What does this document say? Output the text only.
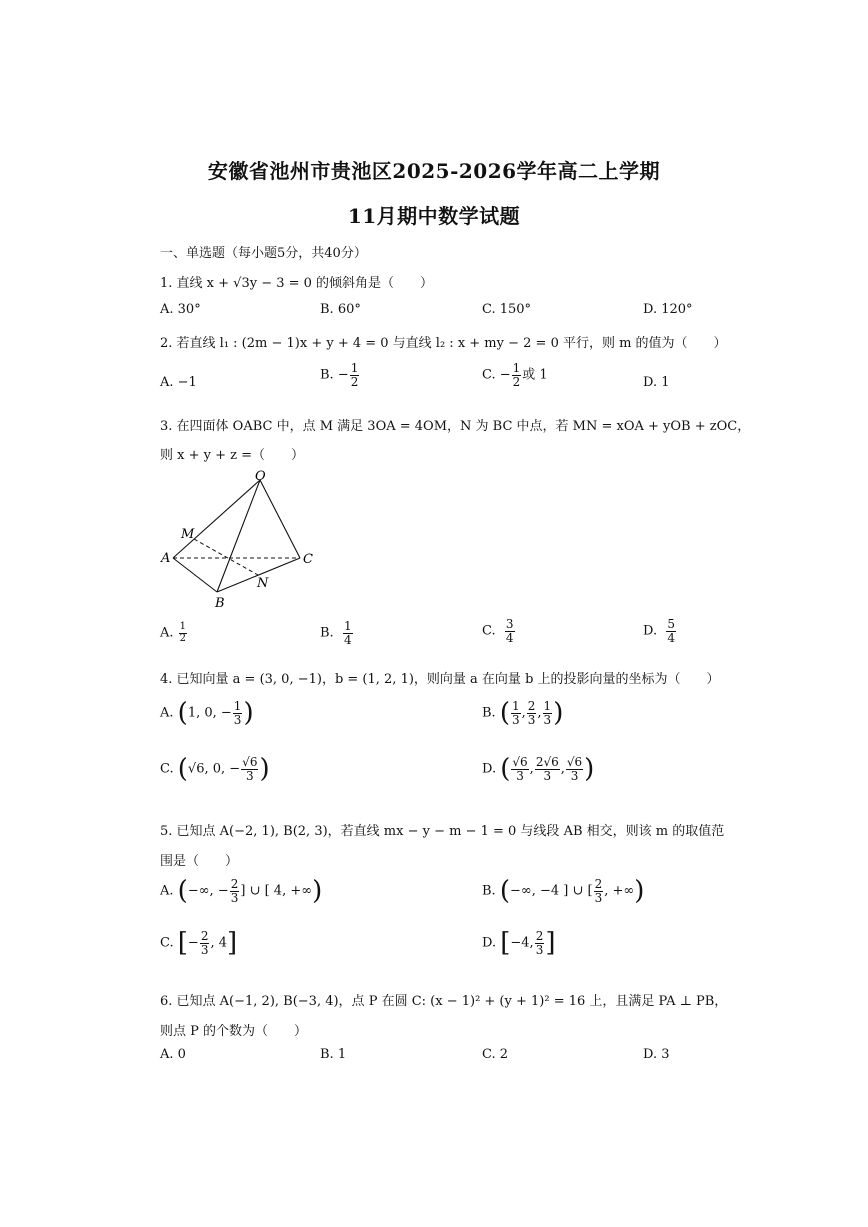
安徽省池州市贵池区2025-2026学年高二上学期
11月期中数学试题
一、单选题（每小题5分，共40分）
1. 直线 x + √3y − 3 = 0 的倾斜角是（　　）
A. 30°	B. 60°	C. 150°	D. 120°
2. 若直线 l₁ : (2m − 1)x + y + 4 = 0 与直线 l₂ : x + my − 2 = 0 平行，则 m 的值为（　　）
A. −1	B. − $\frac{1}{2}$	C. − $\frac{1}{2}$ 或 1	D. 1
3. 在四面体 OABC 中，点 M 满足 3OA = 4OM，N 为 BC 中点，若 MN = xOA + yOB + zOC，
则 x + y + z =（　　）
O
M
A
B
C
N
A. $\frac{1}{2}$	B. $\frac{1}{4}$	C. $\frac{3}{4}$	D. $\frac{5}{4}$
4. 已知向量 a = (3, 0, −1)，b = (1, 2, 1)，则向量 a 在向量 b 上的投影向量的坐标为（　　）
A. (1, 0, − $\frac{1}{3}$ )	B. ( $\frac{1}{3}$ , $\frac{2}{3}$ , $\frac{1}{3}$ )
C. (√6, 0, − $\frac{√6}{3}$ )	D. ( $\frac{√6}{3}$ , $\frac{2√6}{3}$ , $\frac{√6}{3}$ )
5. 已知点 A(−2, 1), B(2, 3)，若直线 mx − y − m − 1 = 0 与线段 AB 相交，则该 m 的取值范
围是（　　）
A. (−∞, − $\frac{2}{3}$ ] ∪ [ 4, +∞)	B. (−∞, −4 ] ∪ [ $\frac{2}{3}$ , +∞)
C. [− $\frac{2}{3}$ , 4]	D. [−4, $\frac{2}{3}$ ]
6. 已知点 A(−1, 2), B(−3, 4)，点 P 在圆 C: (x − 1)² + (y + 1)² = 16 上，且满足 PA ⊥ PB，
则点 P 的个数为（　　）
A. 0	B. 1	C. 2	D. 3
